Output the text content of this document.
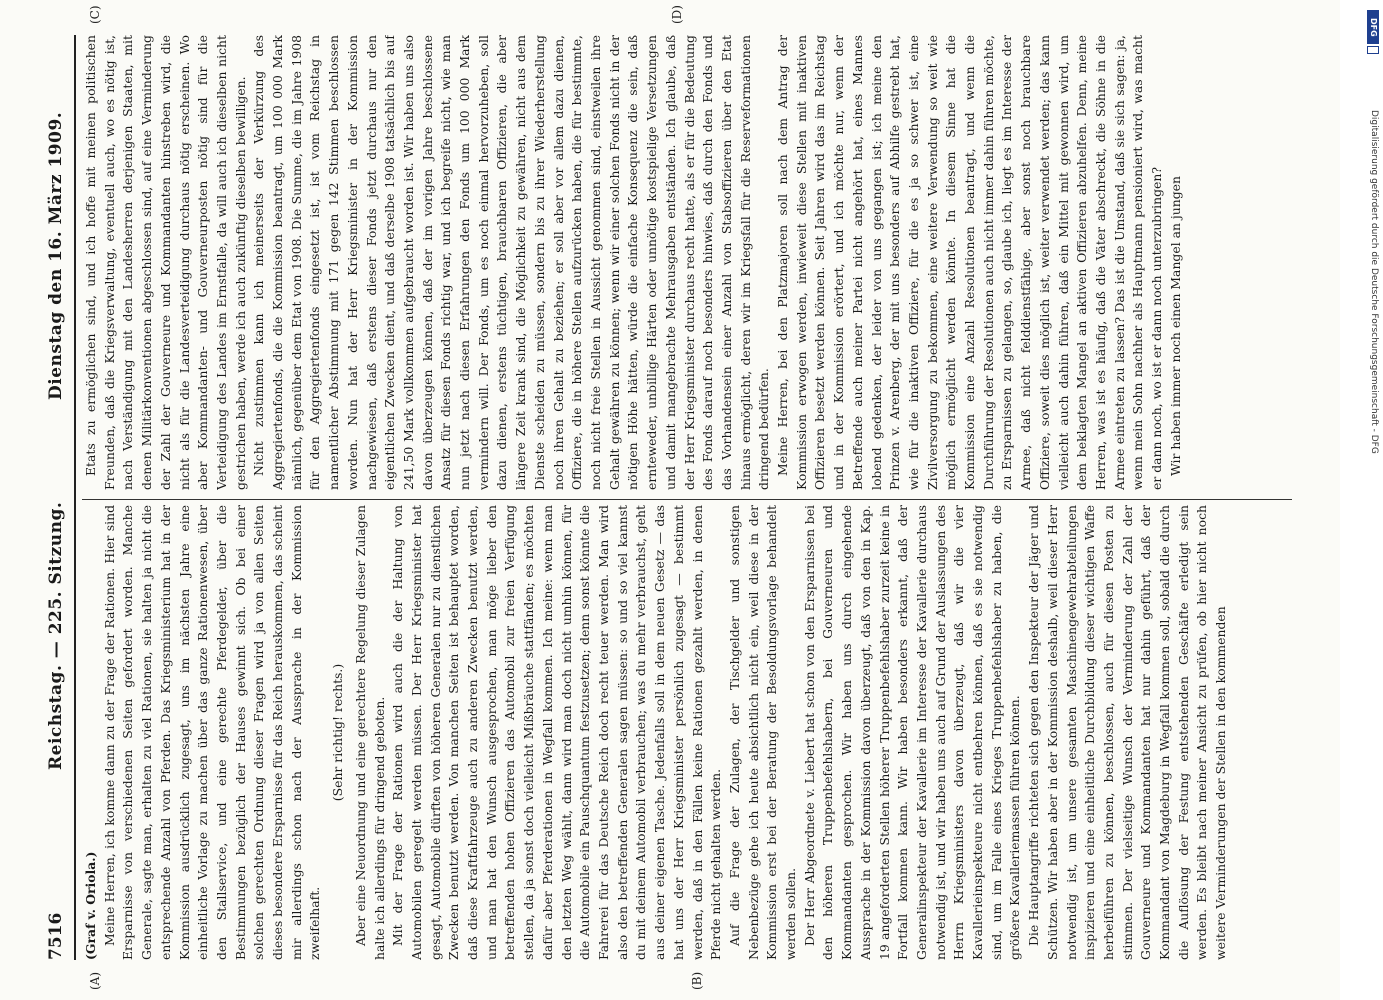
7516
Reichstag. — 225. Sitzung.
Dienstag den 16. März 1909.
(A)	(B)
(C)	(D)

(Graf v. Oriola.) Meine Herren, ich komme dann zu der Frage der Rationen. Hier sind Ersparnisse von verschiedenen Seiten gefordert worden. Manche Generale, sagte man, erhalten zu viel Rationen, sie halten ja nicht die entsprechende Anzahl von Pferden. Das Kriegsministerium hat in der Kommission ausdrücklich zugesagt, uns im nächsten Jahre eine einheitliche Vorlage zu machen über das ganze Rationenwesen, über den Stallservice, und eine gerechte Pferdegelder, über die Bestimmungen bezüglich der Hauses gewinnt sich. Ob bei einer solchen gerechten Ordnung dieser Fragen wird ja von allen Seiten dieses besondere Ersparnisse für das Reich herauskommen, das scheint mir allerdings schon nach der Aussprache in der Kommission zweifelhaft.

(Sehr richtig! rechts.) Aber eine Neuordnung und eine gerechtere Regelung dieser Zulagen halte ich allerdings für dringend geboten. Mit der Frage der Rationen wird auch die der Haltung von Automobilen geregelt werden müssen. Der Herr Kriegsminister hat gesagt, Automobile dürften von höheren Generalen nur zu dienstlichen Zwecken benutzt werden. Von manchen Seiten ist behauptet worden, daß diese Kraftfahrzeuge auch zu anderen Zwecken benutzt werden, und man hat den Wunsch ausgesprochen, man möge lieber den betreffenden hohen Offizieren das Automobil zur freien Verfügung stellen, da ja sonst doch vielleicht Mißbräuche stattfänden; es möchten dafür aber Pferderationen in Wegfall kommen. Ich meine: wenn man den letzten Weg wählt, dann wird man doch nicht umhin können, für die Automobile ein Pauschquantum festzusetzen; denn sonst könnte die Fahrerei für das Deutsche Reich doch recht teuer werden. Man wird also den betreffenden Generalen sagen müssen: so und so viel kannst du mit deinem Automobil verbrauchen; was du mehr verbrauchst, geht aus deiner eigenen Tasche. Jedenfalls soll in dem neuen Gesetz — das hat uns der Herr Kriegsminister persönlich zugesagt — bestimmt werden, daß in den Fällen keine Rationen gezahlt werden, in denen Pferde nicht gehalten werden. Auf die Frage der Zulagen, der Tischgelder und sonstigen Nebenbezüge gehe ich heute absichtlich nicht ein, weil diese in der Kommission erst bei der Beratung der Besoldungsvorlage behandelt werden sollen. Der Herr Abgeordnete v. Liebert hat schon von den Ersparnissen bei den höheren Truppenbefehlshabern, bei Gouverneuren und Kommandanten gesprochen. Wir haben uns durch eingehende Aussprache in der Kommission davon überzeugt, daß von den in Kap. 19 angeforderten Stellen höherer Truppenbefehlshaber zurzeit keine in Fortfall kommen kann. Wir haben besonders erkannt, daß der Generalinspekteur der Kavallerie im Interesse der Kavallerie durchaus notwendig ist, und wir haben uns auch auf Grund der Auslassungen des Herrn Kriegsministers davon überzeugt, daß wir die vier Kavallerieinspekteure nicht entbehren können, daß es sie notwendig sind, um im Falle eines Krieges Truppenbefehlshaber zu haben, die größere Kavalleriemassen führen können. Die Hauptangriffe richteten sich gegen den Inspekteur der Jäger und Schützen. Wir haben aber in der Kommission deshalb, weil dieser Herr notwendig ist, um unsere gesamten Maschinengewehrabteilungen inspizieren und eine einheitliche Durchbildung dieser wichtigen Waffe herbeiführen zu können, beschlossen, auch für diesen Posten zu stimmen. Der vielseitige Wunsch der Verminderung der Zahl der Gouverneure und Kommandanten hat nur dahin geführt, daß der Kommandant von Magdeburg in Wegfall kommen soll, sobald die durch die Auflösung der Festung entstehenden Geschäfte erledigt sein werden. Es bleibt nach meiner Ansicht zu prüfen, ob hier nicht noch weitere Verminderungen der Stellen in den kommenden

Etats zu ermöglichen sind, und ich hoffe mit meinen politischen Freunden, daß die Kriegsverwaltung, eventuell auch, wo es nötig ist, nach Verständigung mit den Landesherren derjenigen Staaten, mit denen Militärkonventionen abgeschlossen sind, auf eine Verminderung der Zahl der Gouverneure und Kommandanten hinstreben wird, die nicht als für die Landesverteidigung durchaus nötig erscheinen. Wo aber Kommandanten- und Gouverneurposten nötig sind für die Verteidigung des Landes im Ernstfalle, da will auch ich dieselben nicht gestrichen haben, werde ich auch zukünftig dieselben bewilligen. Nicht zustimmen kann ich meinerseits der Verkürzung des Aggregiertenfonds, die die Kommission beantragt, um 100 000 Mark nämlich, gegenüber dem Etat von 1908. Die Summe, die im Jahre 1908 für den Aggregiertenfonds eingesetzt ist, ist vom Reichstag in namentlicher Abstimmung mit 171 gegen 142 Stimmen beschlossen worden. Nun hat der Herr Kriegsminister in der Kommission nachgewiesen, daß erstens dieser Fonds jetzt durchaus nur den eigentlichen Zwecken dient, und daß derselbe 1908 tatsächlich bis auf 241,50 Mark vollkommen aufgebraucht worden ist. Wir haben uns also davon überzeugen können, daß der im vorigen Jahre beschlossene Ansatz für diesen Fonds richtig war, und ich begreife nicht, wie man nun jetzt nach diesen Erfahrungen den Fonds um 100 000 Mark vermindern will. Der Fonds, um es noch einmal hervorzuheben, soll dazu dienen, erstens tüchtigen, brauchbaren Offizieren, die aber längere Zeit krank sind, die Möglichkeit zu gewähren, nicht aus dem Dienste scheiden zu müssen, sondern bis zu ihrer Wiederherstellung noch ihren Gehalt zu beziehen; er soll aber vor allem dazu dienen, Offiziere, die in höhere Stellen aufzurücken haben, die für bestimmte, noch nicht freie Stellen in Aussicht genommen sind, einstweilen ihre Gehalt gewähren zu können; wenn wir einer solchen Fonds nicht in der nötigen Höhe hätten, würde die einfache Konsequenz die sein, daß ernteweder, unbillige Härten oder unnötige kostspielige Versetzungen und damit mangebrachte Mehrausgaben entständen. Ich glaube, daß der Herr Kriegsminister durchaus recht hatte, als er für die Bedeutung des Fonds darauf noch besonders hinwies, daß durch den Fonds und das Vorhandensein einer Anzahl von Stabsoffizieren über den Etat hinaus ermöglicht, deren wir im Kriegsfall für die Reserveformationen dringend bedürfen. Meine Herren, bei den Platzmajoren soll nach dem Antrag der Kommission erwogen werden, inwieweit diese Stellen mit inaktiven Offizieren besetzt werden können. Seit Jahren wird das im Reichstag und in der Kommission erörtert, und ich möchte nur, wenn der Betreffende auch meiner Partei nicht angehört hat, eines Mannes lobend gedenken, der leider von uns gegangen ist; ich meine den Prinzen v. Arenberg, der mit uns besonders auf Abhilfe gestrebt hat, wie für die inaktiven Offiziere, für die es ja so schwer ist, eine Zivilversorgung zu bekommen, eine weitere Verwendung so weit wie möglich ermöglicht werden könnte. In diesem Sinne hat die Kommission eine Anzahl Resolutionen beantragt, und wenn die Durchführung der Resolutionen auch nicht immer dahin führen möchte, zu Ersparnissen zu gelangen, so, glaube ich, liegt es im Interesse der Armee, daß nicht felddienstfähige, aber sonst noch brauchbare Offiziere, soweit dies möglich ist, weiter verwendet werden; das kann vielleicht auch dahin führen, daß ein Mittel mit gewonnen wird, um dem beklagten Mangel an aktiven Offizieren abzuhelfen. Denn, meine Herren, was ist es häufig, daß die Väter abschreckt, die Söhne in die Armee eintreten zu lassen? Das ist die Umstand, daß sie sich sagen: ja, wenn mein Sohn nachher als Hauptmann pensioniert wird, was macht er dann noch, wo ist er dann noch unterzubringen? Wir haben immer noch einen Mangel an jungen

DFG
Digitalisierung gefördert durch die Deutsche Forschungsgemeinschaft - DFG
